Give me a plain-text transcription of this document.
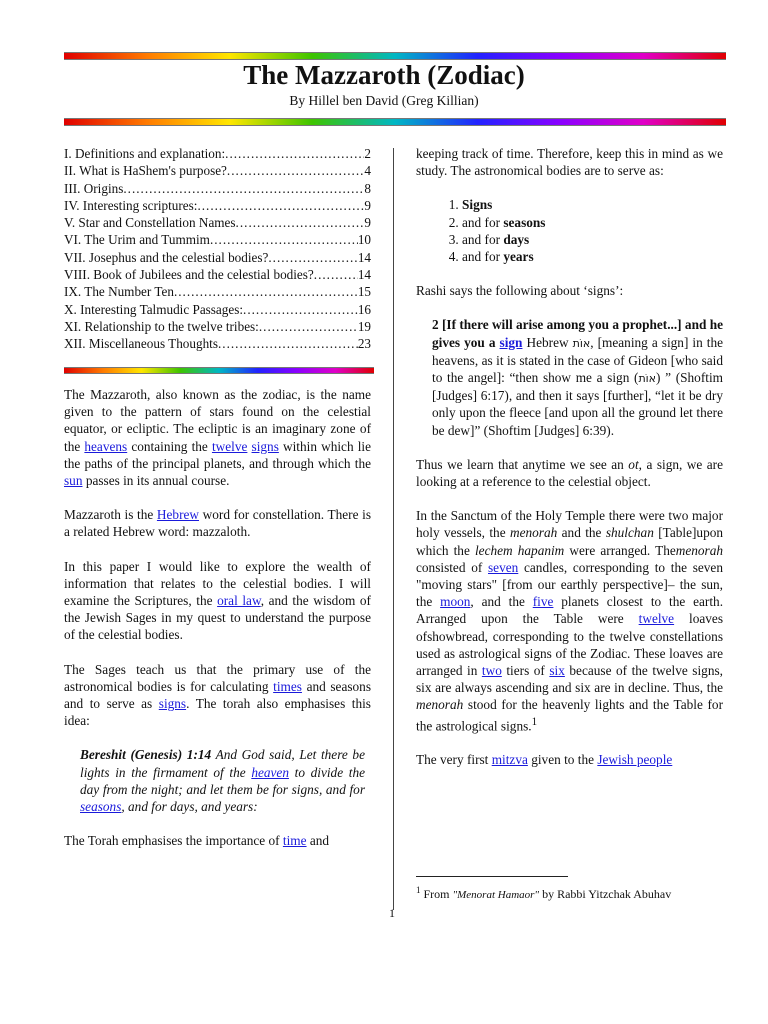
The Mazzaroth (Zodiac)
By Hillel ben David (Greg Killian)
I. Definitions and explanation: .....	2
II. What is HaShem's purpose? .....	4
III. Origins .....	8
IV. Interesting scriptures: .....	9
V. Star and Constellation Names .....	9
VI. The Urim and Tummim .....	10
VII. Josephus and the celestial bodies? .....	14
VIII. Book of Jubilees and the celestial bodies? .....	14
IX. The Number Ten .....	15
X. Interesting Talmudic Passages: .....	16
XI. Relationship to the twelve tribes: .....	19
XII. Miscellaneous Thoughts .....	23

The Mazzaroth, also known as the zodiac, is the name given to the pattern of stars found on the celestial equator, or ecliptic. The ecliptic is an imaginary zone of the heavens containing the twelve signs within which lie the paths of the principal planets, and through which the sun passes in its annual course.

Mazzaroth is the Hebrew word for constellation. There is a related Hebrew word: mazzaloth.

In this paper I would like to explore the wealth of information that relates to the celestial bodies. I will examine the Scriptures, the oral law, and the wisdom of the Jewish Sages in my quest to understand the purpose of the celestial bodies.

The Sages teach us that the primary use of the astronomical bodies is for calculating times and seasons and to serve as signs. The torah also emphasises this idea:

Bereshit (Genesis) 1:14 And God said, Let there be lights in the firmament of the heaven to divide the day from the night; and let them be for signs, and for seasons, and for days, and years:

The Torah emphasises the importance of time and

keeping track of time. Therefore, keep this in mind as we study. The astronomical bodies are to serve as:

1. Signs
2. and for seasons
3. and for days
4. and for years

Rashi says the following about ‘signs’:

2 [If there will arise among you a prophet...] and he gives you a sign Hebrew אוֹת, [meaning a sign] in the heavens, as it is stated in the case of Gideon [who said to the angel]: “then show me a sign (אוֹת) ” (Shoftim [Judges] 6:17), and then it says [further], “let it be dry only upon the fleece [and upon all the ground let there be dew]” (Shoftim [Judges] 6:39).

Thus we learn that anytime we see an ot, a sign, we are looking at a reference to the celestial object.

In the Sanctum of the Holy Temple there were two major holy vessels, the menorah and the shulchan [Table]upon which the lechem hapanim were arranged. Themenorah consisted of seven candles, corresponding to the seven "moving stars" [from our earthly perspective]– the sun, the moon, and the five planets closest to the earth. Arranged upon the Table were twelve loaves ofshowbread, corresponding to the twelve constellations used as astrological signs of the Zodiac. These loaves are arranged in two tiers of six because of the twelve signs, six are always ascending and six are in decline. Thus, the menorah stood for the heavenly lights and the Table for the astrological signs.$^1$

The very first mitzva given to the Jewish people

$^1$ From "Menorat Hamaor" by Rabbi Yitzchak Abuhav
1
